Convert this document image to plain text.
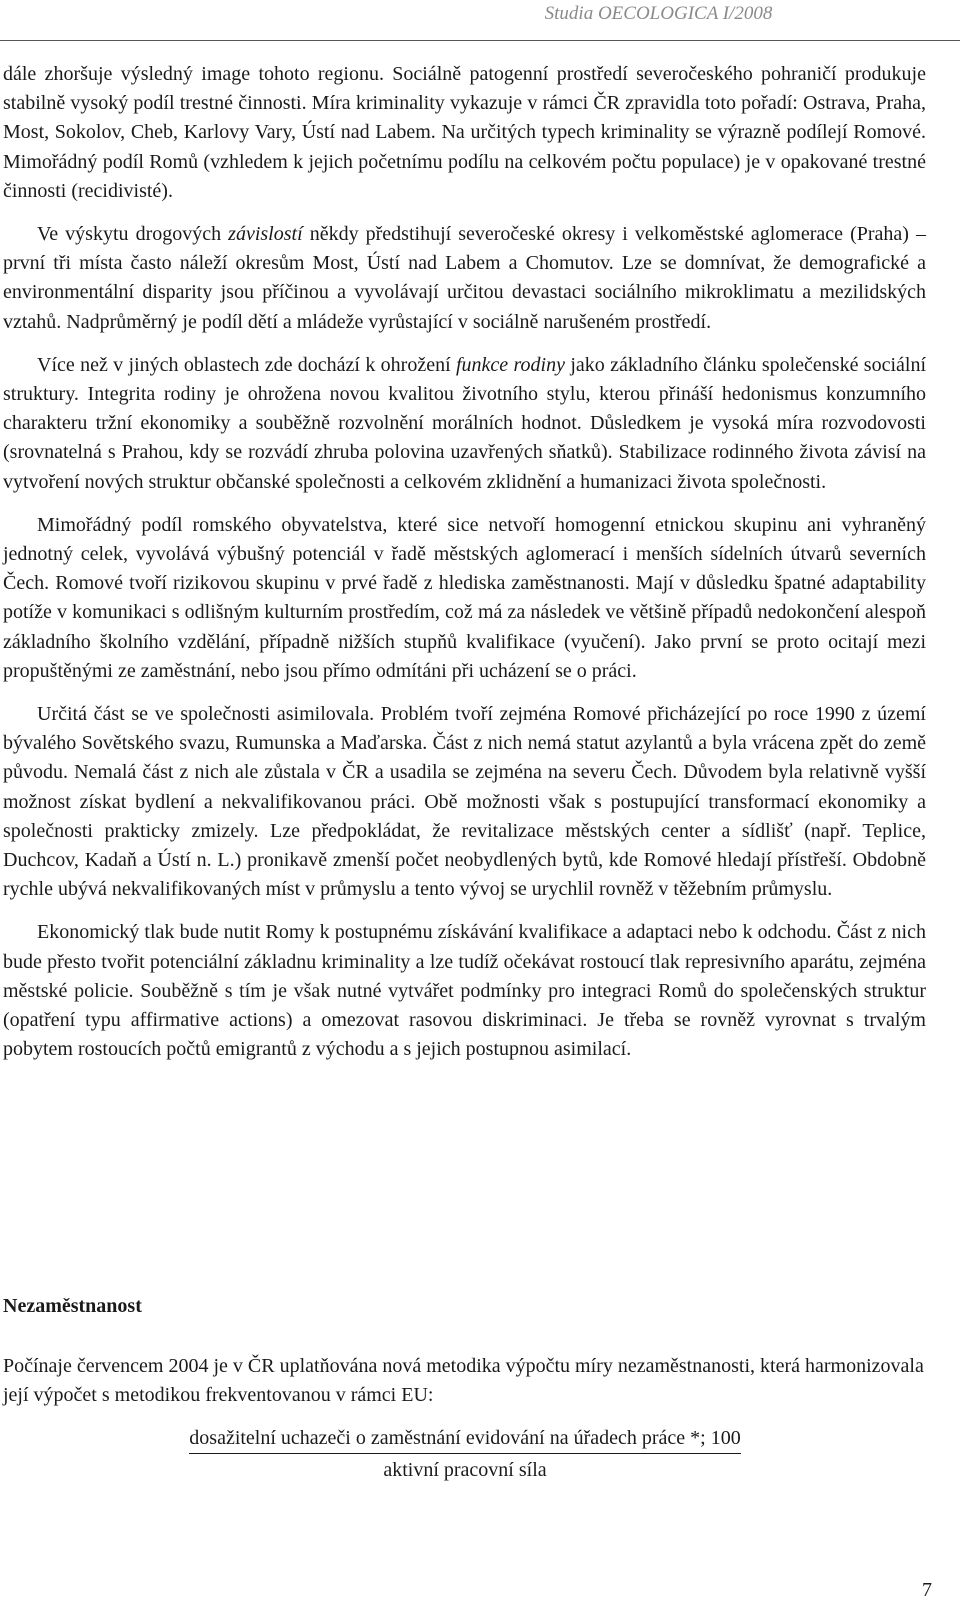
Studia OECOLOGICA I/2008

dále zhoršuje výsledný image tohoto regionu. Sociálně patogenní prostředí severočeského pohraničí produkuje stabilně vysoký podíl trestné činnosti. Míra kriminality vykazuje v rámci ČR zpravidla toto pořadí: Ostrava, Praha, Most, Sokolov, Cheb, Karlovy Vary, Ústí nad Labem. Na určitých typech kriminality se výrazně podílejí Romové. Mimořádný podíl Romů (vzhledem k jejich početnímu podílu na celkovém počtu populace) je v opakované trestné činnosti (recidivisté).

Ve výskytu drogových závislostí někdy předstihují severočeské okresy i velkoměstské aglomerace (Praha) – první tři místa často náleží okresům Most, Ústí nad Labem a Chomutov. Lze se domnívat, že demografické a environmentální disparity jsou příčinou a vyvolávají určitou devastaci sociálního mikroklimatu a mezilidských vztahů. Nadprůměrný je podíl dětí a mládeže vyrůstající v sociálně narušeném prostředí.

Více než v jiných oblastech zde dochází k ohrožení funkce rodiny jako základního článku společenské sociální struktury. Integrita rodiny je ohrožena novou kvalitou životního stylu, kterou přináší hedonismus konzumního charakteru tržní ekonomiky a souběžně rozvolnění morálních hodnot. Důsledkem je vysoká míra rozvodovosti (srovnatelná s Prahou, kdy se rozvádí zhruba polovina uzavřených sňatků). Stabilizace rodinného života závisí na vytvoření nových struktur občanské společnosti a celkovém zklidnění a humanizaci života společnosti.

Mimořádný podíl romského obyvatelstva, které sice netvoří homogenní etnickou skupinu ani vyhraněný jednotný celek, vyvolává výbušný potenciál v řadě městských aglomerací i menších sídelních útvarů severních Čech. Romové tvoří rizikovou skupinu v prvé řadě z hlediska zaměstnanosti. Mají v důsledku špatné adaptability potíže v komunikaci s odlišným kulturním prostředím, což má za následek ve většině případů nedokončení alespoň základního školního vzdělání, případně nižších stupňů kvalifikace (vyučení). Jako první se proto ocitají mezi propuštěnými ze zaměstnání, nebo jsou přímo odmítáni při ucházení se o práci.

Určitá část se ve společnosti asimilovala. Problém tvoří zejména Romové přicházející po roce 1990 z území bývalého Sovětského svazu, Rumunska a Maďarska. Část z nich nemá statut azylantů a byla vrácena zpět do země původu. Nemalá část z nich ale zůstala v ČR a usadila se zejména na severu Čech. Důvodem byla relativně vyšší možnost získat bydlení a nekvalifikovanou práci. Obě možnosti však s postupující transformací ekonomiky a společnosti prakticky zmizely. Lze předpokládat, že revitalizace městských center a sídlišť (např. Teplice, Duchcov, Kadaň a Ústí n. L.) pronikavě zmenší počet neobydlených bytů, kde Romové hledají přístřeší. Obdobně rychle ubývá nekvalifikovaných míst v průmyslu a tento vývoj se urychlil rovněž v těžebním průmyslu.

Ekonomický tlak bude nutit Romy k postupnému získávání kvalifikace a adaptaci nebo k odchodu. Část z nich bude přesto tvořit potenciální základnu kriminality a lze tudíž očekávat rostoucí tlak represivního aparátu, zejména městské policie. Souběžně s tím je však nutné vytvářet podmínky pro integraci Romů do společenských struktur (opatření typu affirmative actions) a omezovat rasovou diskriminaci. Je třeba se rovněž vyrovnat s trvalým pobytem rostoucích počtů emigrantů z východu a s jejich postupnou asimilací.

Nezaměstnanost

Počínaje červencem 2004 je v ČR uplatňována nová metodika výpočtu míry nezaměstnanosti, která harmonizovala její výpočet s metodikou frekventovanou v rámci EU:

dosažitelní uchazeči o zaměstnání evidování na úřadech práce *; 100
aktivní pracovní síla
7
